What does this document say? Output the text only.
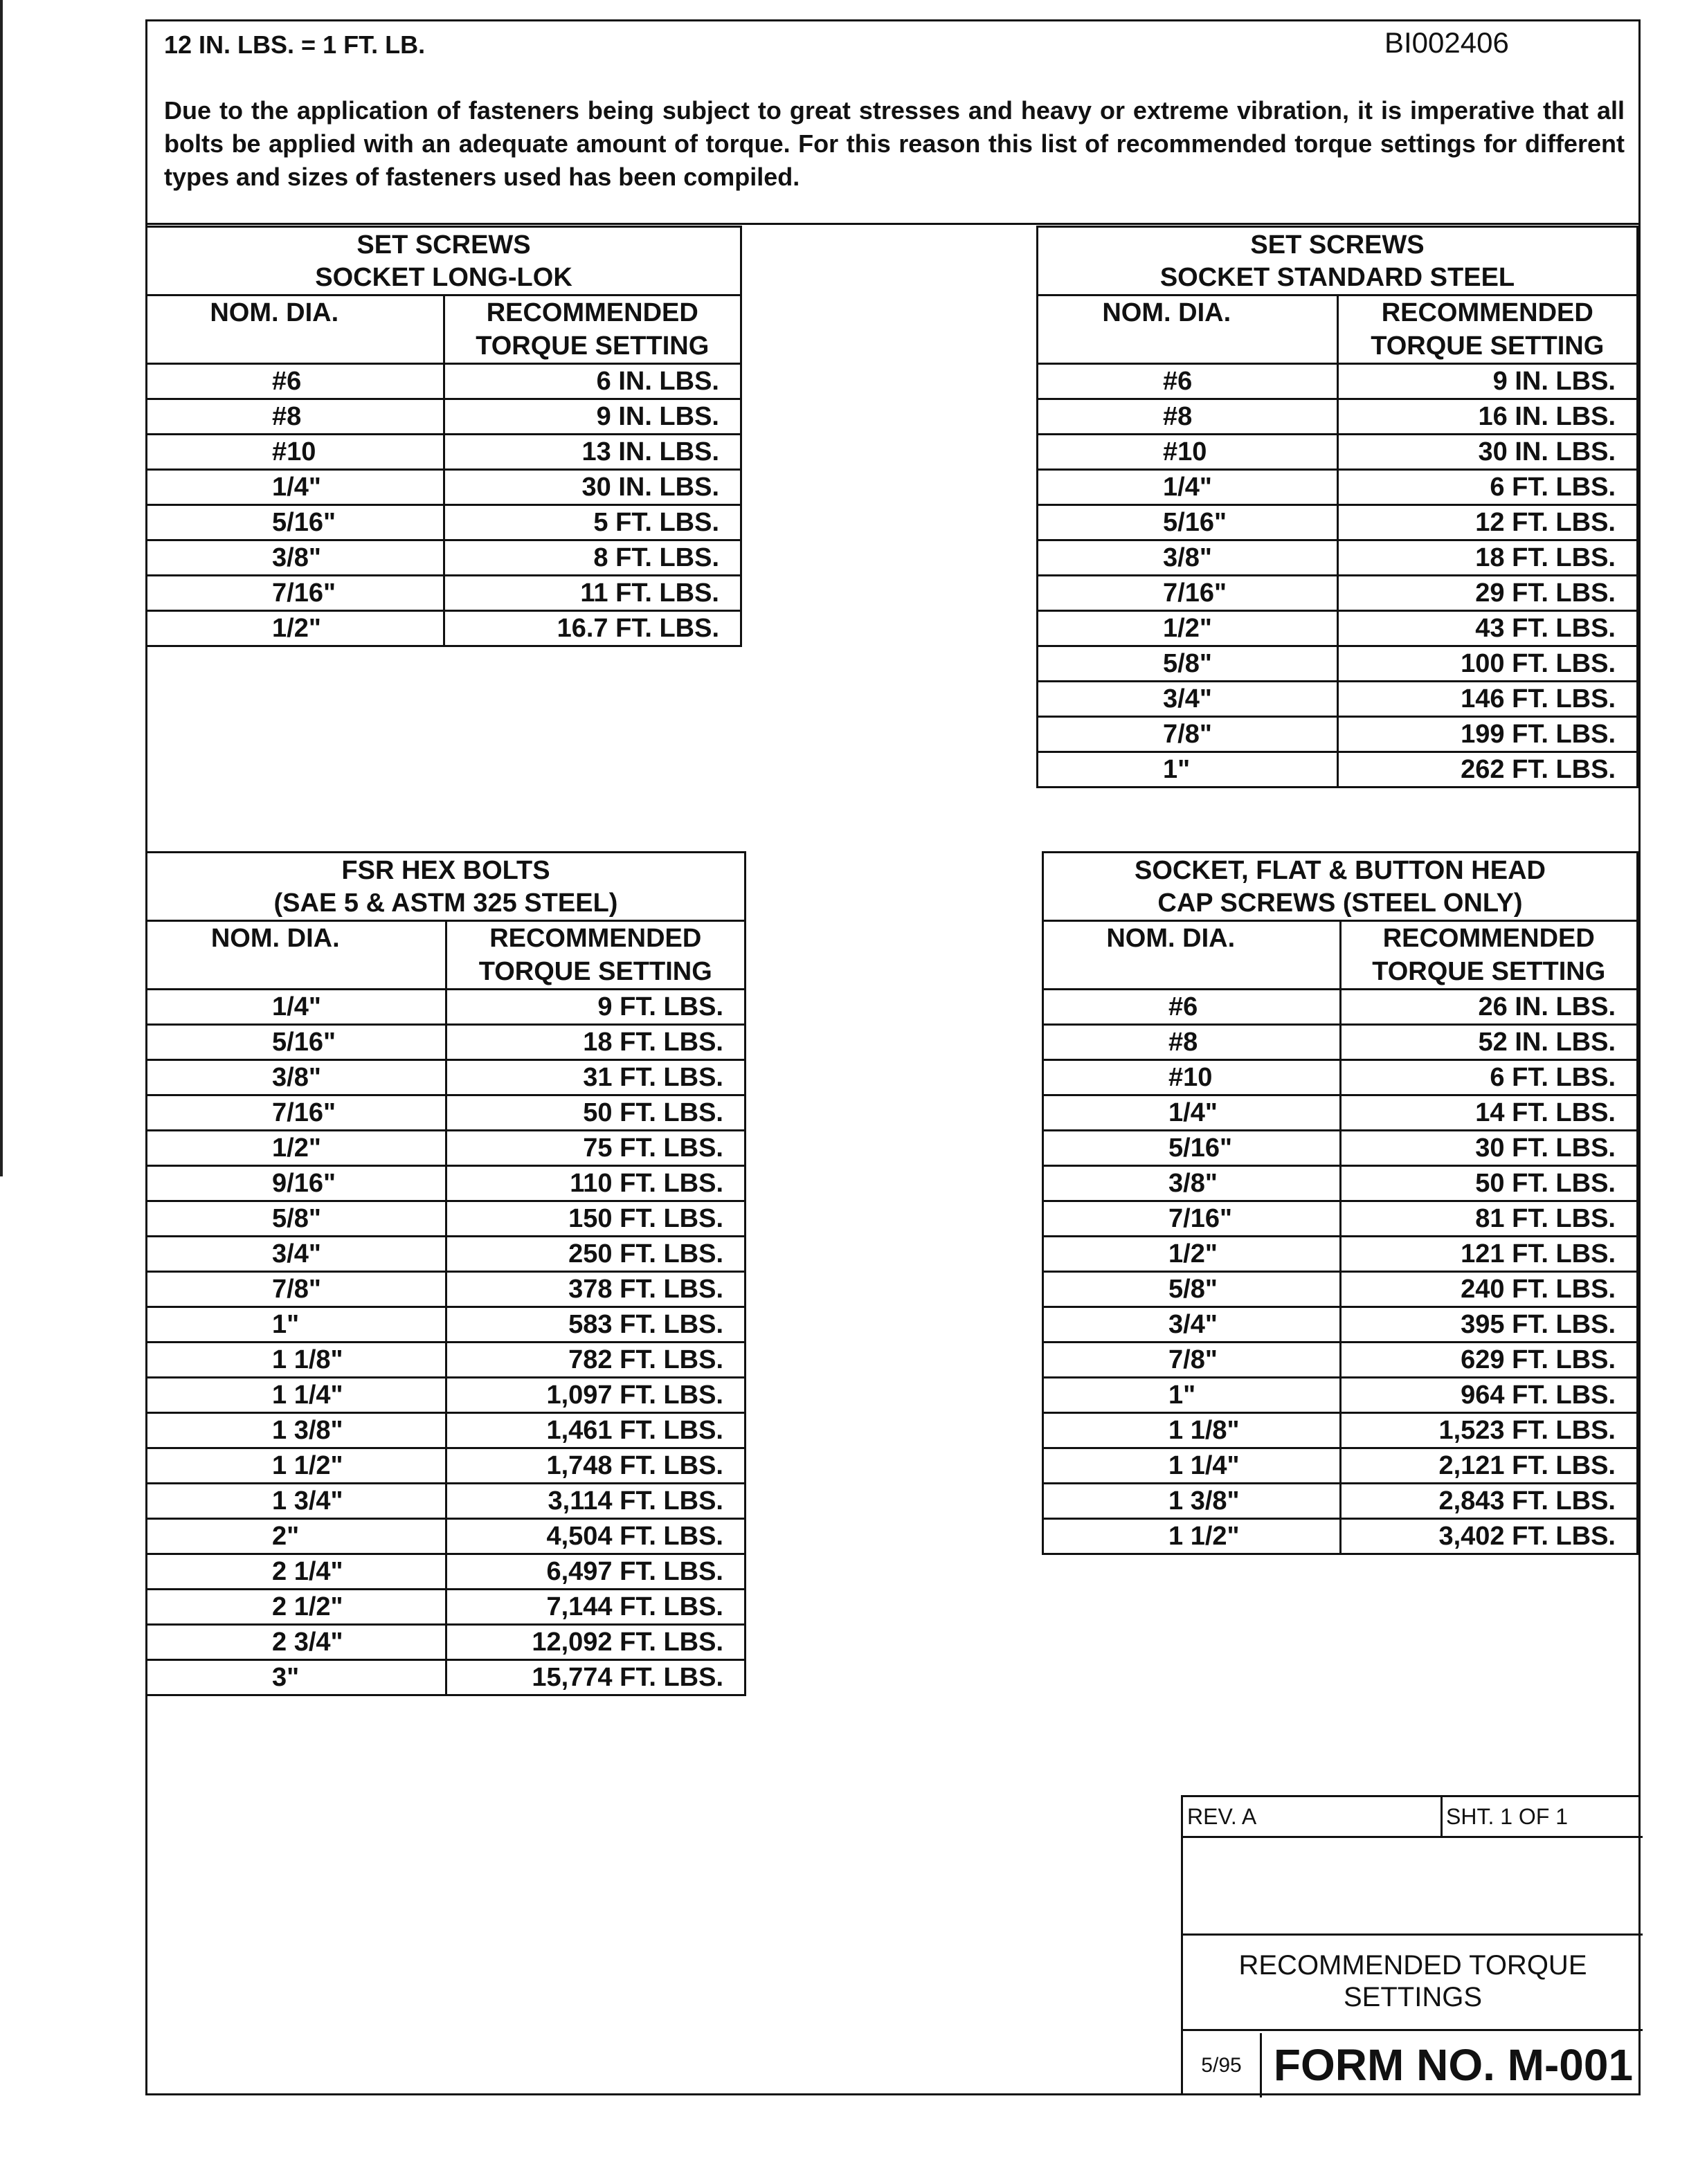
12 IN. LBS. = 1 FT. LB.	BI002406
Due to the application of fasteners being subject to great stresses and heavy or extreme vibration, it is imperative that all bolts be applied with an adequate amount of torque. For this reason this list of recommended torque settings for different types and sizes of fasteners used has been compiled.
SET SCREWS
SOCKET LONG-LOK	

NOM. DIA.	RECOMMENDED
TORQUE SETTING

#6	6 IN. LBS.
#8	9 IN. LBS.
#10	13 IN. LBS.
1/4"	30 IN. LBS.
5/16"	5 FT. LBS.
3/8"	8 FT. LBS.
7/16"	11 FT. LBS.
1/2"	16.7 FT. LBS.
SET SCREWS
SOCKET STANDARD STEEL	

NOM. DIA.	RECOMMENDED
TORQUE SETTING

#6	9 IN. LBS.
#8	16 IN. LBS.
#10	30 IN. LBS.
1/4"	6 FT. LBS.
5/16"	12 FT. LBS.
3/8"	18 FT. LBS.
7/16"	29 FT. LBS.
1/2"	43 FT. LBS.
5/8"	100 FT. LBS.
3/4"	146 FT. LBS.
7/8"	199 FT. LBS.
1"	262 FT. LBS.
FSR HEX BOLTS
(SAE 5 & ASTM 325 STEEL)	

NOM. DIA.	RECOMMENDED
TORQUE SETTING

1/4"	9 FT. LBS.
5/16"	18 FT. LBS.
3/8"	31 FT. LBS.
7/16"	50 FT. LBS.
1/2"	75 FT. LBS.
9/16"	110 FT. LBS.
5/8"	150 FT. LBS.
3/4"	250 FT. LBS.
7/8"	378 FT. LBS.
1"	583 FT. LBS.
1 1/8"	782 FT. LBS.
1 1/4"	1,097 FT. LBS.
1 3/8"	1,461 FT. LBS.
1 1/2"	1,748 FT. LBS.
1 3/4"	3,114 FT. LBS.
2"	4,504 FT. LBS.
2 1/4"	6,497 FT. LBS.
2 1/2"	7,144 FT. LBS.
2 3/4"	12,092 FT. LBS.
3"	15,774 FT. LBS.
SOCKET, FLAT & BUTTON HEAD
CAP SCREWS (STEEL ONLY)	

NOM. DIA.	RECOMMENDED
TORQUE SETTING

#6	26 IN. LBS.
#8	52 IN. LBS.
#10	6 FT. LBS.
1/4"	14 FT. LBS.
5/16"	30 FT. LBS.
3/8"	50 FT. LBS.
7/16"	81 FT. LBS.
1/2"	121 FT. LBS.
5/8"	240 FT. LBS.
3/4"	395 FT. LBS.
7/8"	629 FT. LBS.
1"	964 FT. LBS.
1 1/8"	1,523 FT. LBS.
1 1/4"	2,121 FT. LBS.
1 3/8"	2,843 FT. LBS.
1 1/2"	3,402 FT. LBS.
REV. A	SHT. 1 OF 1
RECOMMENDED TORQUE
SETTINGS
5/95 FORM NO. M-001
